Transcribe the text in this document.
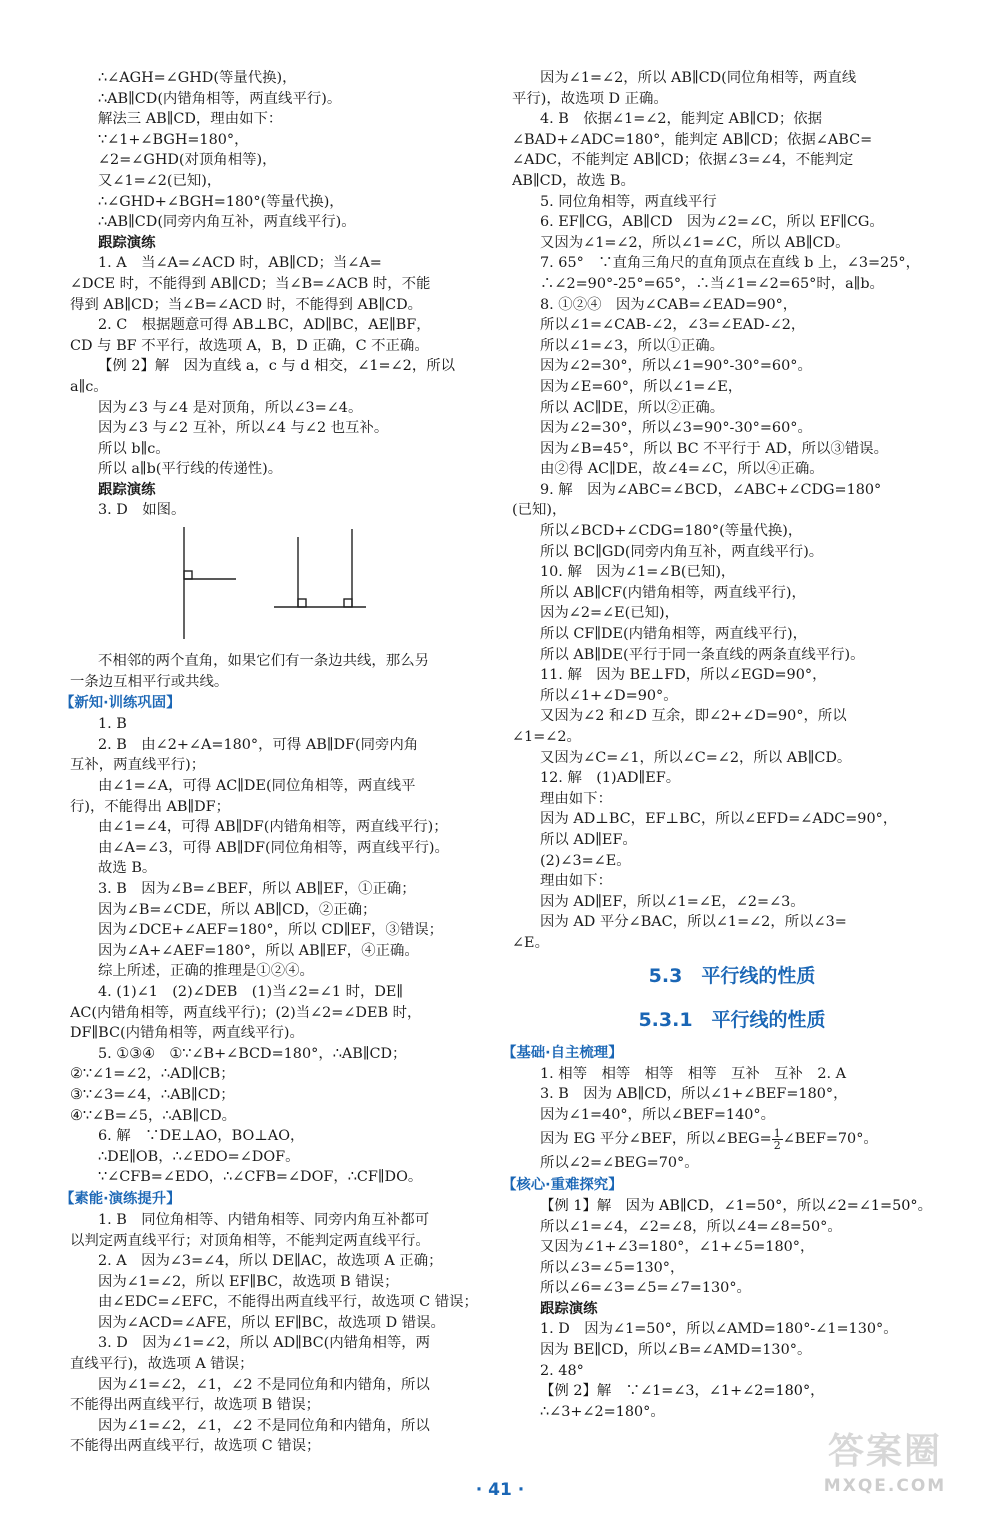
∴∠AGH=∠GHD(等量代换)，
∴AB∥CD(内错角相等，两直线平行)。
解法三 AB∥CD，理由如下：
∵∠1+∠BGH=180°，
∠2=∠GHD(对顶角相等)，
又∠1=∠2(已知)，
∴∠GHD+∠BGH=180°(等量代换)，
∴AB∥CD(同旁内角互补，两直线平行)。
跟踪演练
1. A　当∠A=∠ACD 时，AB∥CD；当∠A=
∠DCE 时，不能得到 AB∥CD；当∠B=∠ACB 时，不能
得到 AB∥CD；当∠B=∠ACD 时，不能得到 AB∥CD。
2. C　根据题意可得 AB⊥BC，AD∥BC，AE∥BF，
CD 与 BF 不平行，故选项 A，B，D 正确，C 不正确。
【例 2】解　因为直线 a，c 与 d 相交，∠1=∠2，所以
a∥c。
因为∠3 与∠4 是对顶角，所以∠3=∠4。
因为∠3 与∠2 互补，所以∠4 与∠2 也互补。
所以 b∥c。
所以 a∥b(平行线的传递性)。
跟踪演练
3. D　如图。
不相邻的两个直角，如果它们有一条边共线，那么另
一条边互相平行或共线。
【新知·训练巩固】
1. B
2. B　由∠2+∠A=180°，可得 AB∥DF(同旁内角
互补，两直线平行)；
由∠1=∠A，可得 AC∥DE(同位角相等，两直线平
行)，不能得出 AB∥DF；
由∠1=∠4，可得 AB∥DF(内错角相等，两直线平行)；
由∠A=∠3，可得 AB∥DF(同位角相等，两直线平行)。
故选 B。
3. B　因为∠B=∠BEF，所以 AB∥EF，①正确；
因为∠B=∠CDE，所以 AB∥CD，②正确；
因为∠DCE+∠AEF=180°，所以 CD∥EF，③错误；
因为∠A+∠AEF=180°，所以 AB∥EF，④正确。
综上所述，正确的推理是①②④。
4. (1)∠1　(2)∠DEB　(1)当∠2=∠1 时，DE∥
AC(内错角相等，两直线平行)；(2)当∠2=∠DEB 时，
DF∥BC(内错角相等，两直线平行)。
5. ①③④　①∵∠B+∠BCD=180°，∴AB∥CD；
②∵∠1=∠2，∴AD∥CB；
③∵∠3=∠4，∴AB∥CD；
④∵∠B=∠5，∴AB∥CD。
6. 解　∵DE⊥AO，BO⊥AO，
∴DE∥OB，∴∠EDO=∠DOF。
∵∠CFB=∠EDO，∴∠CFB=∠DOF，∴CF∥DO。
【素能·演练提升】
1. B　同位角相等、内错角相等、同旁内角互补都可
以判定两直线平行；对顶角相等，不能判定两直线平行。
2. A　因为∠3=∠4，所以 DE∥AC，故选项 A 正确；
因为∠1=∠2，所以 EF∥BC，故选项 B 错误；
由∠EDC=∠EFC，不能得出两直线平行，故选项 C 错误；
因为∠ACD=∠AFE，所以 EF∥BC，故选项 D 错误。
3. D　因为∠1=∠2，所以 AD∥BC(内错角相等，两
直线平行)，故选项 A 错误；
因为∠1=∠2，∠1，∠2 不是同位角和内错角，所以
不能得出两直线平行，故选项 B 错误；
因为∠1=∠2，∠1，∠2 不是同位角和内错角，所以
不能得出两直线平行，故选项 C 错误；
因为∠1=∠2，所以 AB∥CD(同位角相等，两直线
平行)，故选项 D 正确。
4. B　依据∠1=∠2，能判定 AB∥CD；依据
∠BAD+∠ADC=180°，能判定 AB∥CD；依据∠ABC=
∠ADC，不能判定 AB∥CD；依据∠3=∠4，不能判定
AB∥CD，故选 B。
5. 同位角相等，两直线平行
6. EF∥CG，AB∥CD　因为∠2=∠C，所以 EF∥CG。
又因为∠1=∠2，所以∠1=∠C，所以 AB∥CD。
7. 65°　∵直角三角尺的直角顶点在直线 b 上，∠3=25°，
∴∠2=90°-25°=65°，∴当∠1=∠2=65°时，a∥b。
8. ①②④　因为∠CAB=∠EAD=90°，
所以∠1=∠CAB-∠2，∠3=∠EAD-∠2，
所以∠1=∠3，所以①正确。
因为∠2=30°，所以∠1=90°-30°=60°。
因为∠E=60°，所以∠1=∠E，
所以 AC∥DE，所以②正确。
因为∠2=30°，所以∠3=90°-30°=60°。
因为∠B=45°，所以 BC 不平行于 AD，所以③错误。
由②得 AC∥DE，故∠4=∠C，所以④正确。
9. 解　因为∠ABC=∠BCD，∠ABC+∠CDG=180°
(已知)，
所以∠BCD+∠CDG=180°(等量代换)，
所以 BC∥GD(同旁内角互补，两直线平行)。
10. 解　因为∠1=∠B(已知)，
所以 AB∥CF(内错角相等，两直线平行)，
因为∠2=∠E(已知)，
所以 CF∥DE(内错角相等，两直线平行)，
所以 AB∥DE(平行于同一条直线的两条直线平行)。
11. 解　因为 BE⊥FD，所以∠EGD=90°，
所以∠1+∠D=90°。
又因为∠2 和∠D 互余，即∠2+∠D=90°，所以
∠1=∠2。
又因为∠C=∠1，所以∠C=∠2，所以 AB∥CD。
12. 解　(1)AD∥EF。
理由如下：
因为 AD⊥BC，EF⊥BC，所以∠EFD=∠ADC=90°，
所以 AD∥EF。
(2)∠3=∠E。
理由如下：
因为 AD∥EF，所以∠1=∠E，∠2=∠3。
因为 AD 平分∠BAC，所以∠1=∠2，所以∠3=
∠E。
5.3　平行线的性质
5.3.1　平行线的性质
【基础·自主梳理】
1. 相等　相等　相等　相等　互补　互补　2. A
3. B　因为 AB∥CD，所以∠1+∠BEF=180°，
因为∠1=40°，所以∠BEF=140°。
因为 EG 平分∠BEF，所以∠BEG= $\frac{1}{2}$ ∠BEF=70°。
所以∠2=∠BEG=70°。
【核心·重难探究】
【例 1】解　因为 AB∥CD，∠1=50°，所以∠2=∠1=50°。
所以∠1=∠4，∠2=∠8，所以∠4=∠8=50°。
又因为∠1+∠3=180°，∠1+∠5=180°，
所以∠3=∠5=130°，
所以∠6=∠3=∠5=∠7=130°。
跟踪演练
1. D　因为∠1=50°，所以∠AMD=180°-∠1=130°。
因为 BE∥CD，所以∠B=∠AMD=130°。
2. 48°
【例 2】解　∵∠1=∠3，∠1+∠2=180°，
∴∠3+∠2=180°。
· 41 ·
答案圈
MXQE.COM
